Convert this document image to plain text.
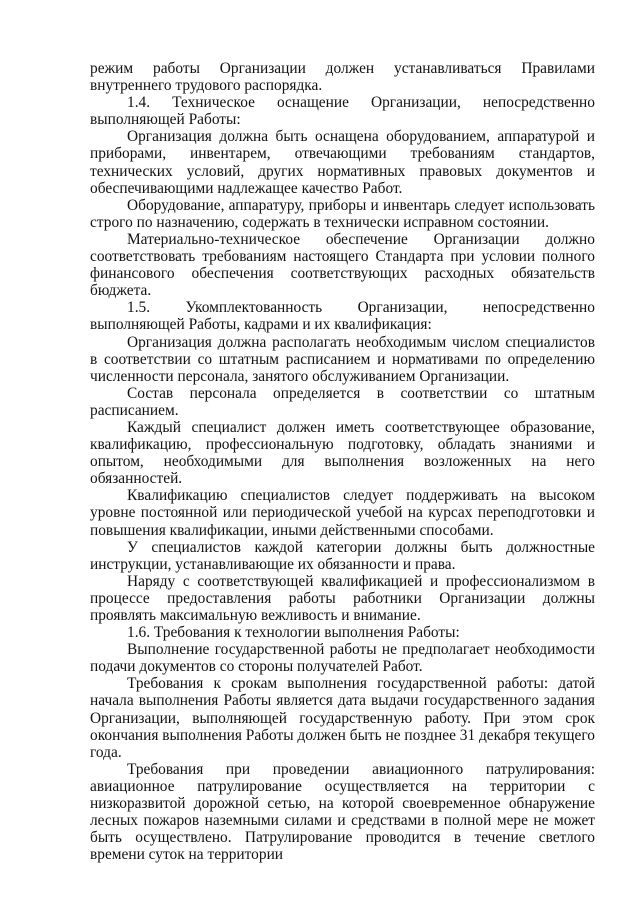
режим работы Организации должен устанавливаться Правилами внутреннего трудового распорядка.

1.4. Техническое оснащение Организации, непосредственно выполняющей Работы:

Организация должна быть оснащена оборудованием, аппаратурой и приборами, инвентарем, отвечающими требованиям стандартов, технических условий, других нормативных правовых документов и обеспечивающими надлежащее качество Работ.

Оборудование, аппаратуру, приборы и инвентарь следует использовать строго по назначению, содержать в технически исправном состоянии.

Материально-техническое обеспечение Организации должно соответствовать требованиям настоящего Стандарта при условии полного финансового обеспечения соответствующих расходных обязательств бюджета.

1.5. Укомплектованность Организации, непосредственно выполняющей Работы, кадрами и их квалификация:

Организация должна располагать необходимым числом специалистов в соответствии со штатным расписанием и нормативами по определению численности персонала, занятого обслуживанием Организации.

Состав персонала определяется в соответствии со штатным расписанием.

Каждый специалист должен иметь соответствующее образование, квалификацию, профессиональную подготовку, обладать знаниями и опытом, необходимыми для выполнения возложенных на него обязанностей.

Квалификацию специалистов следует поддерживать на высоком уровне постоянной или периодической учебой на курсах переподготовки и повышения квалификации, иными действенными способами.

У специалистов каждой категории должны быть должностные инструкции, устанавливающие их обязанности и права.

Наряду с соответствующей квалификацией и профессионализмом в процессе предоставления работы работники Организации должны проявлять максимальную вежливость и внимание.

1.6. Требования к технологии выполнения Работы:

Выполнение государственной работы не предполагает необходимости подачи документов со стороны получателей Работ.

Требования к срокам выполнения государственной работы: датой начала выполнения Работы является дата выдачи государственного задания Организации, выполняющей государственную работу. При этом срок окончания выполнения Работы должен быть не позднее 31 декабря текущего года.

Требования при проведении авиационного патрулирования: авиационное патрулирование осуществляется на территории с низкоразвитой дорожной сетью, на которой своевременное обнаружение лесных пожаров наземными силами и средствами в полной мере не может быть осуществлено. Патрулирование проводится в течение светлого времени суток на территории
